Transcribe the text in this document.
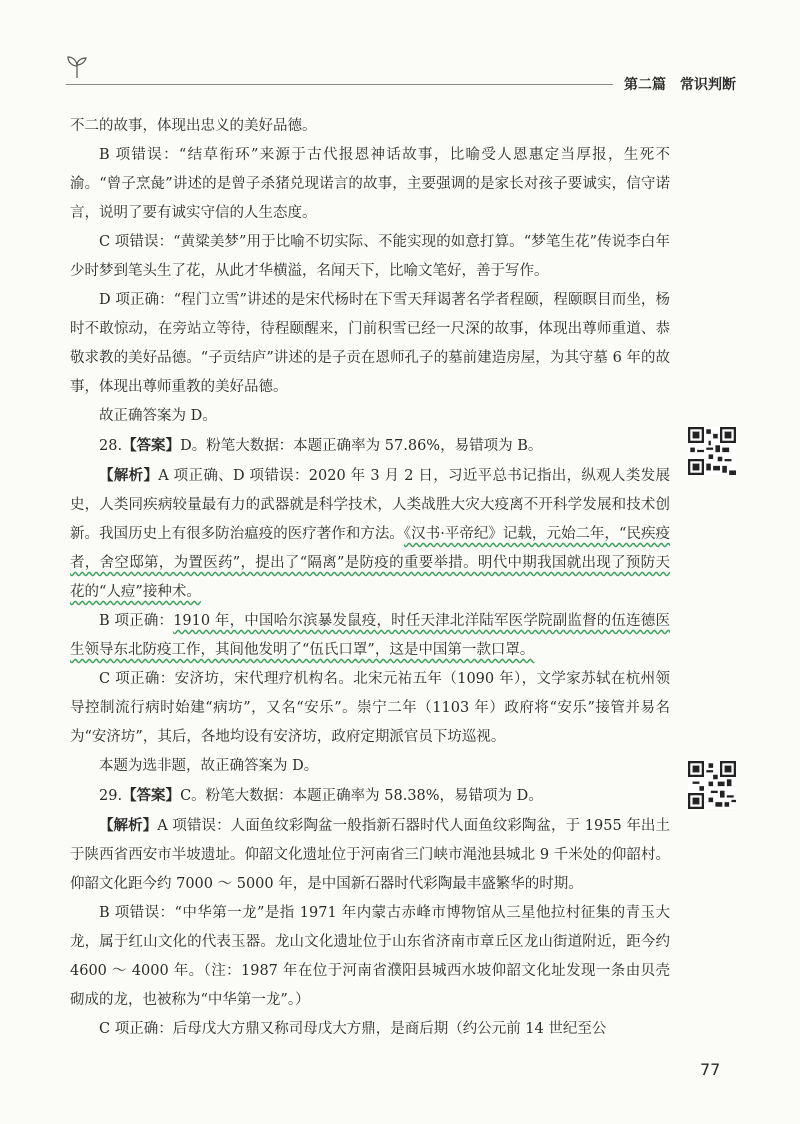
第二篇　常识判断

不二的故事，体现出忠义的美好品德。

B 项错误：“结草衔环”来源于古代报恩神话故事，比喻受人恩惠定当厚报，生死不渝。“曾子烹彘”讲述的是曾子杀猪兑现诺言的故事，主要强调的是家长对孩子要诚实，信守诺言，说明了要有诚实守信的人生态度。

C 项错误：“黄粱美梦”用于比喻不切实际、不能实现的如意打算。“梦笔生花”传说李白年少时梦到笔头生了花，从此才华横溢，名闻天下，比喻文笔好，善于写作。

D 项正确：“程门立雪”讲述的是宋代杨时在下雪天拜谒著名学者程颐，程颐瞑目而坐，杨时不敢惊动，在旁站立等待，待程颐醒来，门前积雪已经一尺深的故事，体现出尊师重道、恭敬求教的美好品德。“子贡结庐”讲述的是子贡在恩师孔子的墓前建造房屋，为其守墓 6 年的故事，体现出尊师重教的美好品德。

故正确答案为 D。

28.【答案】D。粉笔大数据：本题正确率为 57.86%，易错项为 B。

【解析】A 项正确、D 项错误：2020 年 3 月 2 日，习近平总书记指出，纵观人类发展史，人类同疾病较量最有力的武器就是科学技术，人类战胜大灾大疫离不开科学发展和技术创新。我国历史上有很多防治瘟疫的医疗著作和方法。《汉书·平帝纪》记载，元始二年，“民疾疫者，舍空邸第，为置医药”，提出了“隔离”是防疫的重要举措。明代中期我国就出现了预防天花的“人痘”接种术。

B 项正确：1910 年，中国哈尔滨暴发鼠疫，时任天津北洋陆军医学院副监督的伍连德医生领导东北防疫工作，其间他发明了“伍氏口罩”，这是中国第一款口罩。

C 项正确：安济坊，宋代理疗机构名。北宋元祐五年（1090 年），文学家苏轼在杭州领导控制流行病时始建“病坊”，又名“安乐”。崇宁二年（1103 年）政府将“安乐”接管并易名为“安济坊”，其后，各地均设有安济坊，政府定期派官员下坊巡视。

本题为选非题，故正确答案为 D。

29.【答案】C。粉笔大数据：本题正确率为 58.38%，易错项为 D。

【解析】A 项错误：人面鱼纹彩陶盆一般指新石器时代人面鱼纹彩陶盆，于 1955 年出土于陕西省西安市半坡遗址。仰韶文化遗址位于河南省三门峡市渑池县城北 9 千米处的仰韶村。仰韶文化距今约 7000 ～ 5000 年，是中国新石器时代彩陶最丰盛繁华的时期。

B 项错误：“中华第一龙”是指 1971 年内蒙古赤峰市博物馆从三星他拉村征集的青玉大龙，属于红山文化的代表玉器。龙山文化遗址位于山东省济南市章丘区龙山街道附近，距今约 4600 ～ 4000 年。（注：1987 年在位于河南省濮阳县城西水坡仰韶文化址发现一条由贝壳砌成的龙，也被称为“中华第一龙”。）

C 项正确：后母戊大方鼎又称司母戊大方鼎，是商后期（约公元前 14 世纪至公

77
